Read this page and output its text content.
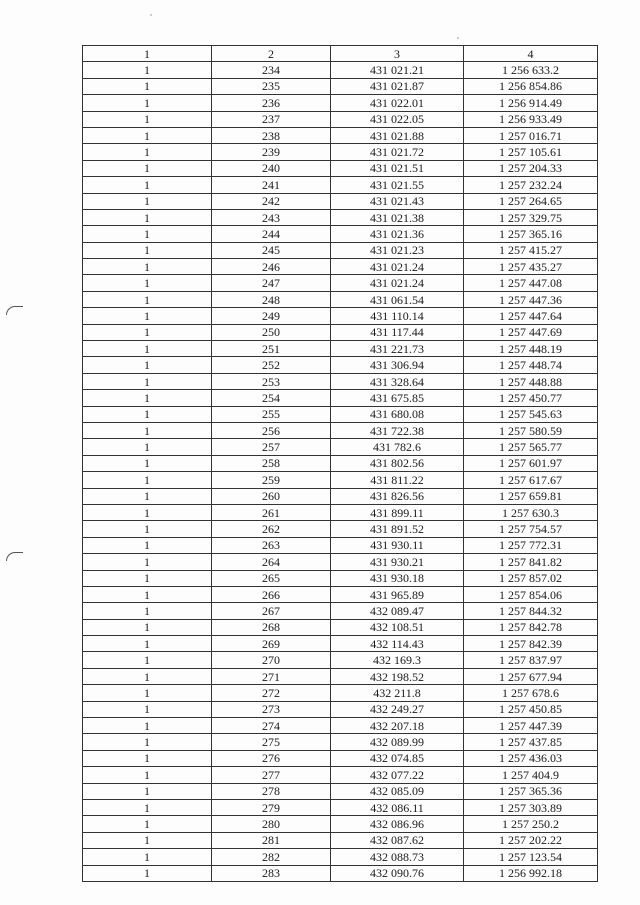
1	2	3	4
1	234	431 021.21	1 256 633.2
1	235	431 021.87	1 256 854.86
1	236	431 022.01	1 256 914.49
1	237	431 022.05	1 256 933.49
1	238	431 021.88	1 257 016.71
1	239	431 021.72	1 257 105.61
1	240	431 021.51	1 257 204.33
1	241	431 021.55	1 257 232.24
1	242	431 021.43	1 257 264.65
1	243	431 021.38	1 257 329.75
1	244	431 021.36	1 257 365.16
1	245	431 021.23	1 257 415.27
1	246	431 021.24	1 257 435.27
1	247	431 021.24	1 257 447.08
1	248	431 061.54	1 257 447.36
1	249	431 110.14	1 257 447.64
1	250	431 117.44	1 257 447.69
1	251	431 221.73	1 257 448.19
1	252	431 306.94	1 257 448.74
1	253	431 328.64	1 257 448.88
1	254	431 675.85	1 257 450.77
1	255	431 680.08	1 257 545.63
1	256	431 722.38	1 257 580.59
1	257	431 782.6	1 257 565.77
1	258	431 802.56	1 257 601.97
1	259	431 811.22	1 257 617.67
1	260	431 826.56	1 257 659.81
1	261	431 899.11	1 257 630.3
1	262	431 891.52	1 257 754.57
1	263	431 930.11	1 257 772.31
1	264	431 930.21	1 257 841.82
1	265	431 930.18	1 257 857.02
1	266	431 965.89	1 257 854.06
1	267	432 089.47	1 257 844.32
1	268	432 108.51	1 257 842.78
1	269	432 114.43	1 257 842.39
1	270	432 169.3	1 257 837.97
1	271	432 198.52	1 257 677.94
1	272	432 211.8	1 257 678.6
1	273	432 249.27	1 257 450.85
1	274	432 207.18	1 257 447.39
1	275	432 089.99	1 257 437.85
1	276	432 074.85	1 257 436.03
1	277	432 077.22	1 257 404.9
1	278	432 085.09	1 257 365.36
1	279	432 086.11	1 257 303.89
1	280	432 086.96	1 257 250.2
1	281	432 087.62	1 257 202.22
1	282	432 088.73	1 257 123.54
1	283	432 090.76	1 256 992.18
